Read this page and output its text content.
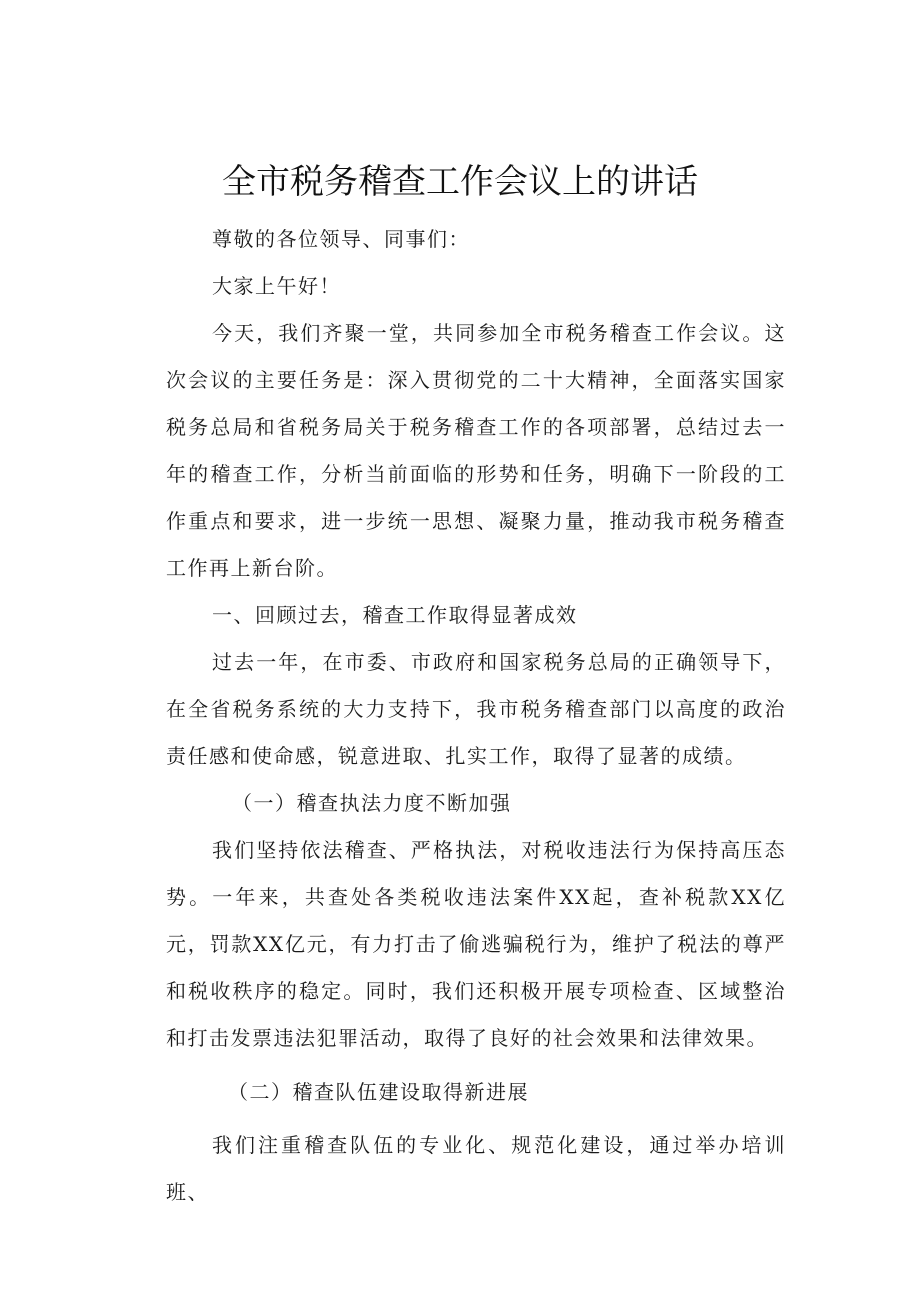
全市税务稽查工作会议上的讲话

尊敬的各位领导、同事们：

大家上午好！

今天，我们齐聚一堂，共同参加全市税务稽查工作会议。这次会议的主要任务是：深入贯彻党的二十大精神，全面落实国家税务总局和省税务局关于税务稽查工作的各项部署，总结过去一年的稽查工作，分析当前面临的形势和任务，明确下一阶段的工作重点和要求，进一步统一思想、凝聚力量，推动我市税务稽查工作再上新台阶。

一、回顾过去，稽查工作取得显著成效

过去一年，在市委、市政府和国家税务总局的正确领导下，在全省税务系统的大力支持下，我市税务稽查部门以高度的政治责任感和使命感，锐意进取、扎实工作，取得了显著的成绩。

（一）稽查执法力度不断加强

我们坚持依法稽查、严格执法，对税收违法行为保持高压态势。一年来，共查处各类税收违法案件XX起，查补税款XX亿元，罚款XX亿元，有力打击了偷逃骗税行为，维护了税法的尊严和税收秩序的稳定。同时，我们还积极开展专项检查、区域整治和打击发票违法犯罪活动，取得了良好的社会效果和法律效果。

（二）稽查队伍建设取得新进展

我们注重稽查队伍的专业化、规范化建设，通过举办培训班、
